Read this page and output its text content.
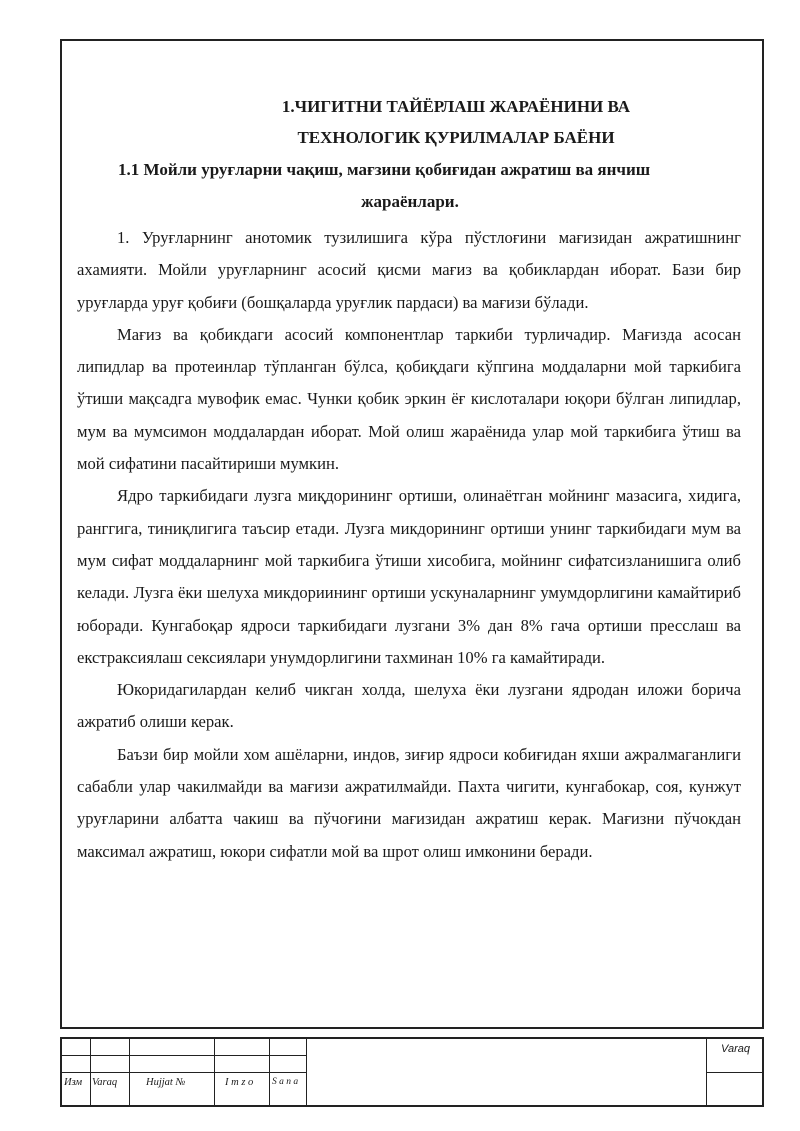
1.ЧИГИТНИ ТАЙЁРЛАШ ЖАРАЁНИНИ ВА
ТЕХНОЛОГИК ҚУРИЛМАЛАР БАЁНИ
1.1 Мойли уруғларни чақиш, мағзини қобиғидан ажратиш ва янчиш
жараёнлари.

1. Уруғларнинг анотомик тузилишига кўра пўстлоғини мағизидан ажратишнинг ахамияти. Мойли уруғларнинг асосий қисми мағиз ва қобиклардан иборат. Бази бир уруғларда уруғ қобиғи (бошқаларда уруғлик пардаси) ва мағизи бўлади.

Мағиз ва қобикдаги асосий компонентлар таркиби турличадир. Мағизда асосан липидлар ва протеинлар тўпланган бўлса, қобиқдаги кўпгина моддаларни мой таркибига ўтиши мақсадга мувофик емас. Чунки қобик эркин ёғ кислоталари юқори бўлган липидлар, мум ва мумсимон моддалардан иборат. Мой олиш жараёнида улар мой таркибига ўтиш ва мой сифатини пасайтириши мумкин.

Ядро таркибидаги лузга миқдорининг ортиши, олинаётган мойнинг мазасига, хидига, ранггига, тиниқлигига таъсир етади. Лузга микдорининг ортиши унинг таркибидаги мум ва мум сифат моддаларнинг мой таркибига ўтиши хисобига, мойнинг сифатсизланишига олиб келади. Лузга ёки шелуха микдориининг ортиши ускуналарнинг умумдорлигини камайтириб юборади. Кунгабоқар ядроси таркибидаги лузгани 3% дан 8% гача ортиши пресслаш ва екстраксиялаш сексиялари унумдорлигини тахминан 10% га камайтиради.

Юкоридагилардан келиб чикган холда, шелуха ёки лузгани ядродан иложи борича ажратиб олиши керак.

Баъзи бир мойли хом ашёларни, индов, зиғир ядроси кобиғидан яхши ажралмаганлиги сабабли улар чакилмайди ва мағизи ажратилмайди. Пахта чигити, кунгабокар, соя, кунжут уруғларини албатта чакиш ва пўчоғини мағизидан ажратиш керак. Мағизни пўчокдан максимал ажратиш, юкори сифатли мой ва шрот олиш имконини беради.

Изм Varaq	Hujjat №	I m z o S a n a
Varaq
